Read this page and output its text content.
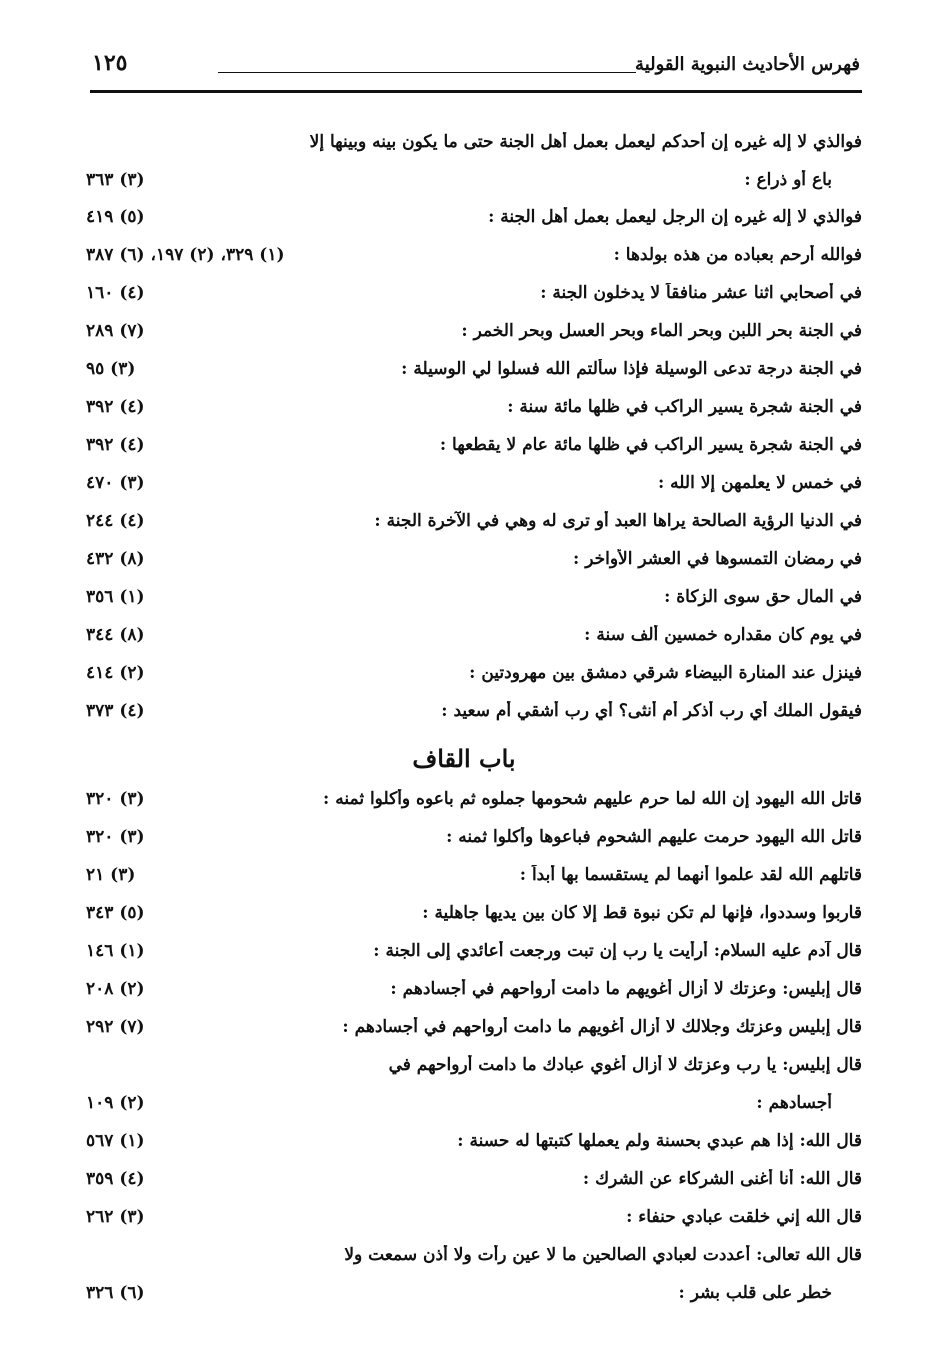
فهرس الأحاديث النبوية القولية
١٢٥
فوالذي لا إله غيره إن أحدكم ليعمل بعمل أهل الجنة حتى ما يكون بينه وبينها إلا
باع أو ذراع :
(٣) ٣٦٣
فوالذي لا إله غيره إن الرجل ليعمل بعمل أهل الجنة :
(٥) ٤١٩
فوالله أرحم بعباده من هذه بولدها :
(١) ٣٢٩، (٢) ١٩٧، (٦) ٣٨٧
في أصحابي اثنا عشر منافقاً لا يدخلون الجنة :
(٤) ١٦٠
في الجنة بحر اللبن وبحر الماء وبحر العسل وبحر الخمر :
(٧) ٢٨٩
في الجنة درجة تدعى الوسيلة فإذا سألتم الله فسلوا لي الوسيلة :
(٣) ٩٥
في الجنة شجرة يسير الراكب في ظلها مائة سنة :
(٤) ٣٩٢
في الجنة شجرة يسير الراكب في ظلها مائة عام لا يقطعها :
(٤) ٣٩٢
في خمس لا يعلمهن إلا الله :
(٣) ٤٧٠
في الدنيا الرؤية الصالحة يراها العبد أو ترى له وهي في الآخرة الجنة :
(٤) ٢٤٤
في رمضان التمسوها في العشر الأواخر :
(٨) ٤٣٢
في المال حق سوى الزكاة :
(١) ٣٥٦
في يوم كان مقداره خمسين ألف سنة :
(٨) ٣٤٤
فينزل عند المنارة البيضاء شرقي دمشق بين مهرودتين :
(٢) ٤١٤
فيقول الملك أي رب أذكر أم أنثى؟ أي رب أشقي أم سعيد :
(٤) ٣٧٣
باب القاف
قاتل الله اليهود إن الله لما حرم عليهم شحومها جملوه ثم باعوه وأكلوا ثمنه :
(٣) ٣٢٠
قاتل الله اليهود حرمت عليهم الشحوم فباعوها وأكلوا ثمنه :
(٣) ٣٢٠
قاتلهم الله لقد علموا أنهما لم يستقسما بها أبداً :
(٣) ٢١
قاربوا وسددوا، فإنها لم تكن نبوة قط إلا كان بين يديها جاهلية :
(٥) ٣٤٣
قال آدم عليه السلام: أرأيت يا رب إن تبت ورجعت أعائدي إلى الجنة :
(١) ١٤٦
قال إبليس: وعزتك لا أزال أغويهم ما دامت أرواحهم في أجسادهم :
(٢) ٢٠٨
قال إبليس وعزتك وجلالك لا أزال أغويهم ما دامت أرواحهم في أجسادهم :
(٧) ٢٩٢
قال إبليس: يا رب وعزتك لا أزال أغوي عبادك ما دامت أرواحهم في
أجسادهم :
(٢) ١٠٩
قال الله: إذا هم عبدي بحسنة ولم يعملها كتبتها له حسنة :
(١) ٥٦٧
قال الله: أنا أغنى الشركاء عن الشرك :
(٤) ٣٥٩
قال الله إني خلقت عبادي حنفاء :
(٣) ٢٦٢
قال الله تعالى: أعددت لعبادي الصالحين ما لا عين رأت ولا أذن سمعت ولا
خطر على قلب بشر :
(٦) ٣٢٦
